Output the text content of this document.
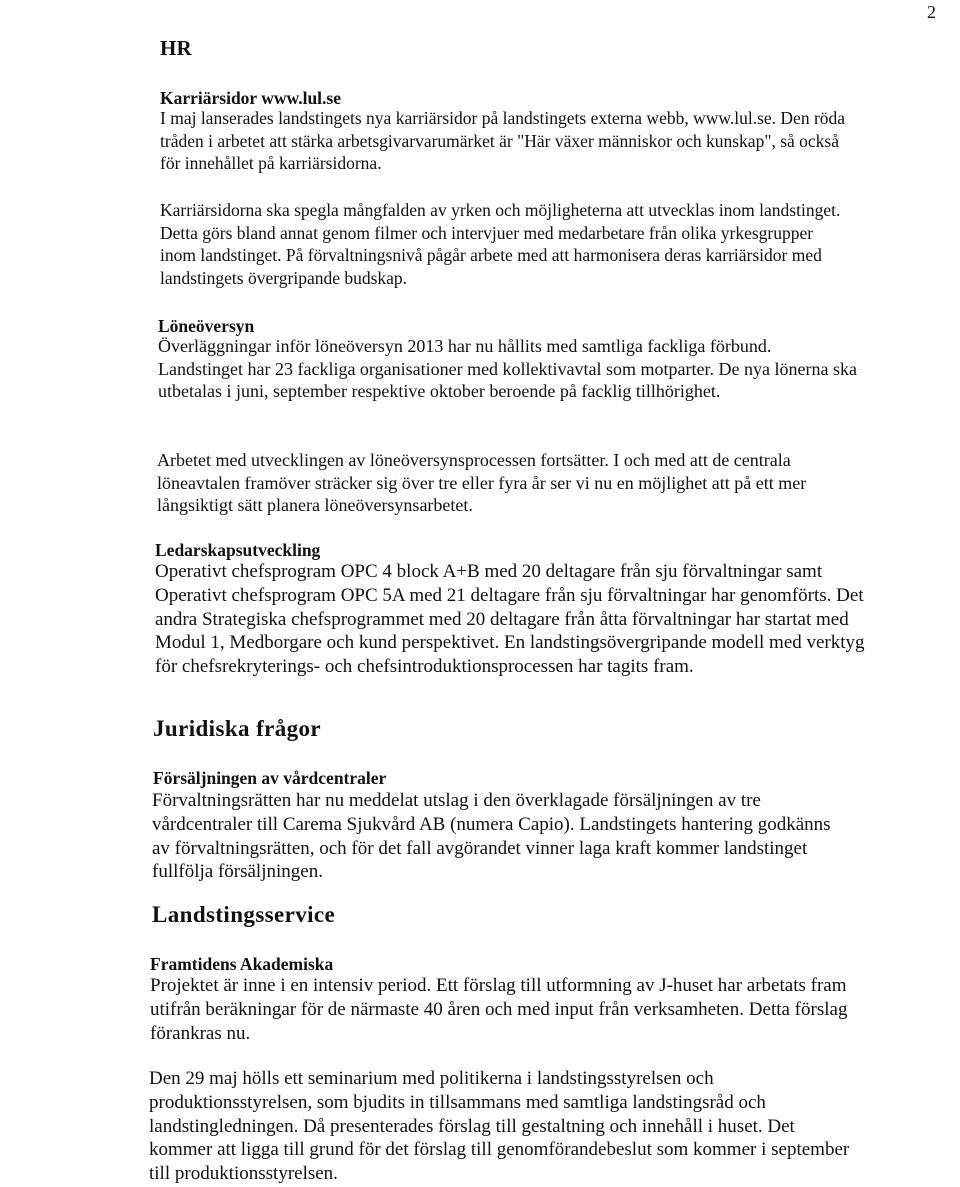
2
HR
Karriärsidor www.lul.se

I maj lanserades landstingets nya karriärsidor på landstingets externa webb, www.lul.se. Den röda tråden i arbetet att stärka arbetsgivarvarumärket är "Här växer människor och kunskap", så också för innehållet på karriärsidorna.

Karriärsidorna ska spegla mångfalden av yrken och möjligheterna att utvecklas inom landstinget. Detta görs bland annat genom filmer och intervjuer med medarbetare från olika yrkesgrupper inom landstinget. På förvaltningsnivå pågår arbete med att harmonisera deras karriärsidor med landstingets övergripande budskap.

Löneöversyn

Överläggningar inför löneöversyn 2013 har nu hållits med samtliga fackliga förbund. Landstinget har 23 fackliga organisationer med kollektivavtal som motparter. De nya lönerna ska utbetalas i juni, september respektive oktober beroende på facklig tillhörighet.

Arbetet med utvecklingen av löneöversynsprocessen fortsätter. I och med att de centrala löneavtalen framöver sträcker sig över tre eller fyra år ser vi nu en möjlighet att på ett mer långsiktigt sätt planera löneöversynsarbetet.

Ledarskapsutveckling

Operativt chefsprogram OPC 4 block A+B med 20 deltagare från sju förvaltningar samt Operativt chefsprogram OPC 5A med 21 deltagare från sju förvaltningar har genomförts. Det andra Strategiska chefsprogrammet med 20 deltagare från åtta förvaltningar har startat med Modul 1, Medborgare och kund perspektivet. En landstingsövergripande modell med verktyg för chefsrekryterings- och chefsintroduktionsprocessen har tagits fram.

Juridiska frågor
Försäljningen av vårdcentraler

Förvaltningsrätten har nu meddelat utslag i den överklagade försäljningen av tre vårdcentraler till Carema Sjukvård AB (numera Capio). Landstingets hantering godkänns av förvaltningsrätten, och för det fall avgörandet vinner laga kraft kommer landstinget fullfölja försäljningen.

Landstingsservice
Framtidens Akademiska

Projektet är inne i en intensiv period. Ett förslag till utformning av J-huset har arbetats fram utifrån beräkningar för de närmaste 40 åren och med input från verksamheten. Detta förslag förankras nu.

Den 29 maj hölls ett seminarium med politikerna i landstingsstyrelsen och produktionsstyrelsen, som bjudits in tillsammans med samtliga landstingsråd och landstingledningen. Då presenterades förslag till gestaltning och innehåll i huset. Det kommer att ligga till grund för det förslag till genomförandebeslut som kommer i september till produktionsstyrelsen.
